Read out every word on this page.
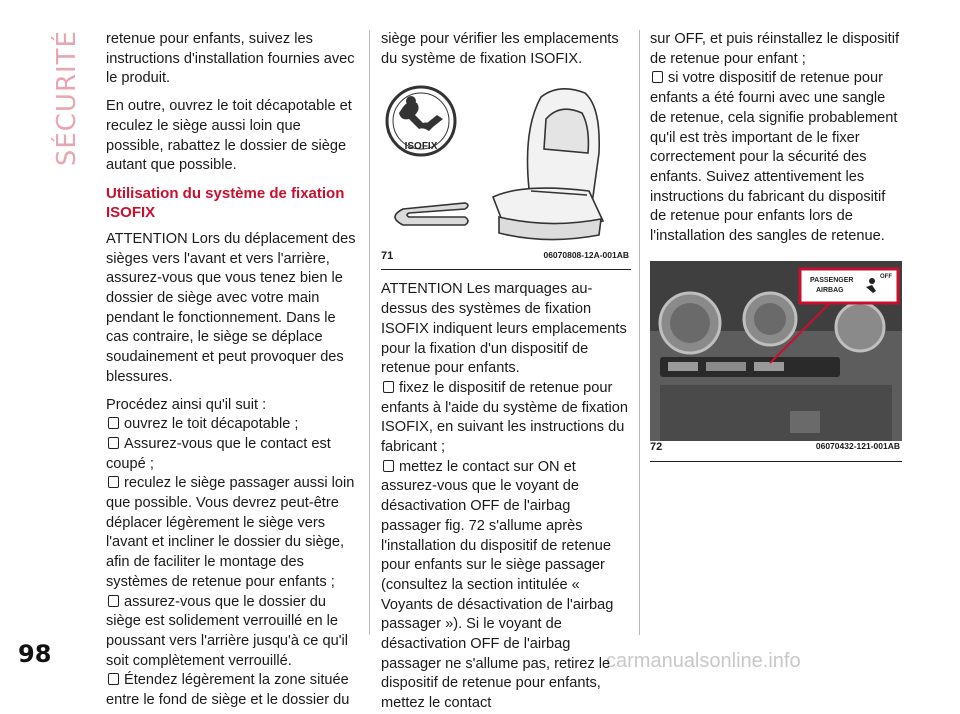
SÉCURITÉ
98	carmanualsonline.info

retenue pour enfants, suivez les instructions d'installation fournies avec le produit.

En outre, ouvrez le toit décapotable et reculez le siège aussi loin que possible, rabattez le dossier de siège autant que possible.

Utilisation du système de fixation ISOFIX

ATTENTION Lors du déplacement des sièges vers l'avant et vers l'arrière, assurez-vous que vous tenez bien le dossier de siège avec votre main pendant le fonctionnement. Dans le cas contraire, le siège se déplace soudainement et peut provoquer des blessures.

Procédez ainsi qu'il suit :

ouvrez le toit décapotable ;
Assurez-vous que le contact est coupé ;
reculez le siège passager aussi loin que possible. Vous devrez peut-être déplacer légèrement le siège vers l'avant et incliner le dossier du siège, afin de faciliter le montage des systèmes de retenue pour enfants ;
assurez-vous que le dossier du siège est solidement verrouillé en le poussant vers l'arrière jusqu'à ce qu'il soit complètement verrouillé.
Étendez légèrement la zone située entre le fond de siège et le dossier du

siège pour vérifier les emplacements du système de fixation ISOFIX.

ISOFIX
71	06070808-12A-001AB

ATTENTION Les marquages au-dessus des systèmes de fixation ISOFIX indiquent leurs emplacements pour la fixation d'un dispositif de retenue pour enfants.

fixez le dispositif de retenue pour enfants à l'aide du système de fixation ISOFIX, en suivant les instructions du fabricant ;
mettez le contact sur ON et assurez-vous que le voyant de désactivation OFF de l'airbag passager fig. 72 s'allume après l'installation du dispositif de retenue pour enfants sur le siège passager (consultez la section intitulée « Voyants de désactivation de l'airbag passager »). Si le voyant de désactivation OFF de l'airbag passager ne s'allume pas, retirez le dispositif de retenue pour enfants, mettez le contact

sur OFF, et puis réinstallez le dispositif de retenue pour enfant ;

si votre dispositif de retenue pour enfants a été fourni avec une sangle de retenue, cela signifie probablement qu'il est très important de le fixer correctement pour la sécurité des enfants. Suivez attentivement les instructions du fabricant du dispositif de retenue pour enfants lors de l'installation des sangles de retenue.
PASSENGER
AIRBAG
OFF
72	06070432-121-001AB
